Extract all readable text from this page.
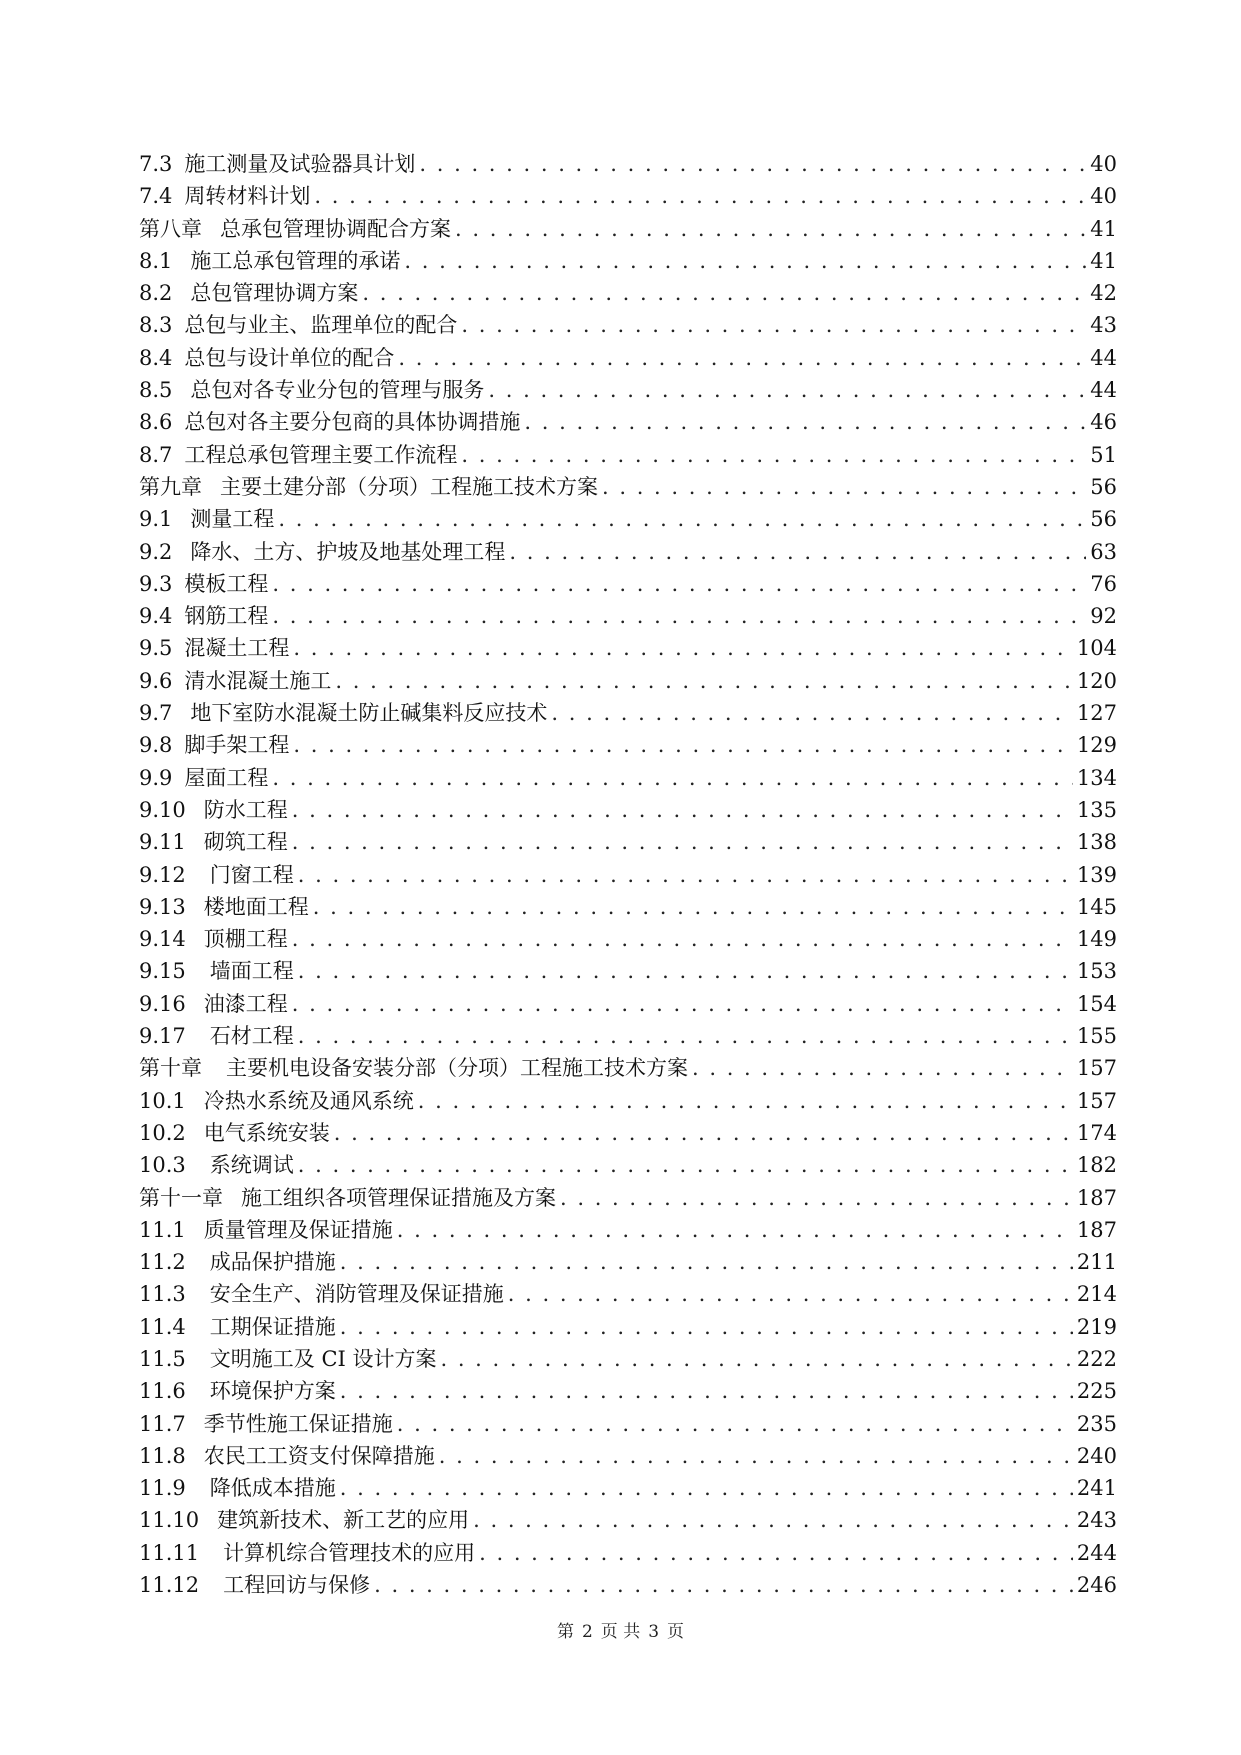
7.3 施工测量及试验器具计划 . . .	40
7.4 周转材料计划 . . .	40
第八章 总承包管理协调配合方案 . . .	41
8.1 施工总承包管理的承诺 . . .	41
8.2 总包管理协调方案 . . .	42
8.3 总包与业主、监理单位的配合 . . .	43
8.4 总包与设计单位的配合 . . .	44
8.5 总包对各专业分包的管理与服务 . . .	44
8.6 总包对各主要分包商的具体协调措施 . . .	46
8.7 工程总承包管理主要工作流程 . . .	51
第九章 主要土建分部（分项）工程施工技术方案 . . .	56
9.1 测量工程 . . .	56
9.2 降水、土方、护坡及地基处理工程 . . .	63
9.3 模板工程 . . .	76
9.4 钢筋工程 . . .	92
9.5 混凝土工程 . . .	104
9.6 清水混凝土施工 . . .	120
9.7 地下室防水混凝土防止碱集料反应技术 . . .	127
9.8 脚手架工程 . . .	129
9.9 屋面工程 . . .	134
9.10 防水工程 . . .	135
9.11 砌筑工程 . . .	138
9.12 门窗工程 . . .	139
9.13 楼地面工程 . . .	145
9.14 顶棚工程 . . .	149
9.15 墙面工程 . . .	153
9.16 油漆工程 . . .	154
9.17 石材工程 . . .	155
第十章 主要机电设备安装分部（分项）工程施工技术方案 . . .	157
10.1 冷热水系统及通风系统 . . .	157
10.2 电气系统安装 . . .	174
10.3 系统调试 . . .	182
第十一章 施工组织各项管理保证措施及方案 . . .	187
11.1 质量管理及保证措施 . . .	187
11.2 成品保护措施 . . .	211
11.3 安全生产、消防管理及保证措施 . . .	214
11.4 工期保证措施 . . .	219
11.5 文明施工及 CI 设计方案 . . .	222
11.6 环境保护方案 . . .	225
11.7 季节性施工保证措施 . . .	235
11.8 农民工工资支付保障措施 . . .	240
11.9 降低成本措施 . . .	241
11.10 建筑新技术、新工艺的应用 . . .	243
11.11 计算机综合管理技术的应用 . . .	244
11.12 工程回访与保修 . . .	246
第 2 页 共 3 页
